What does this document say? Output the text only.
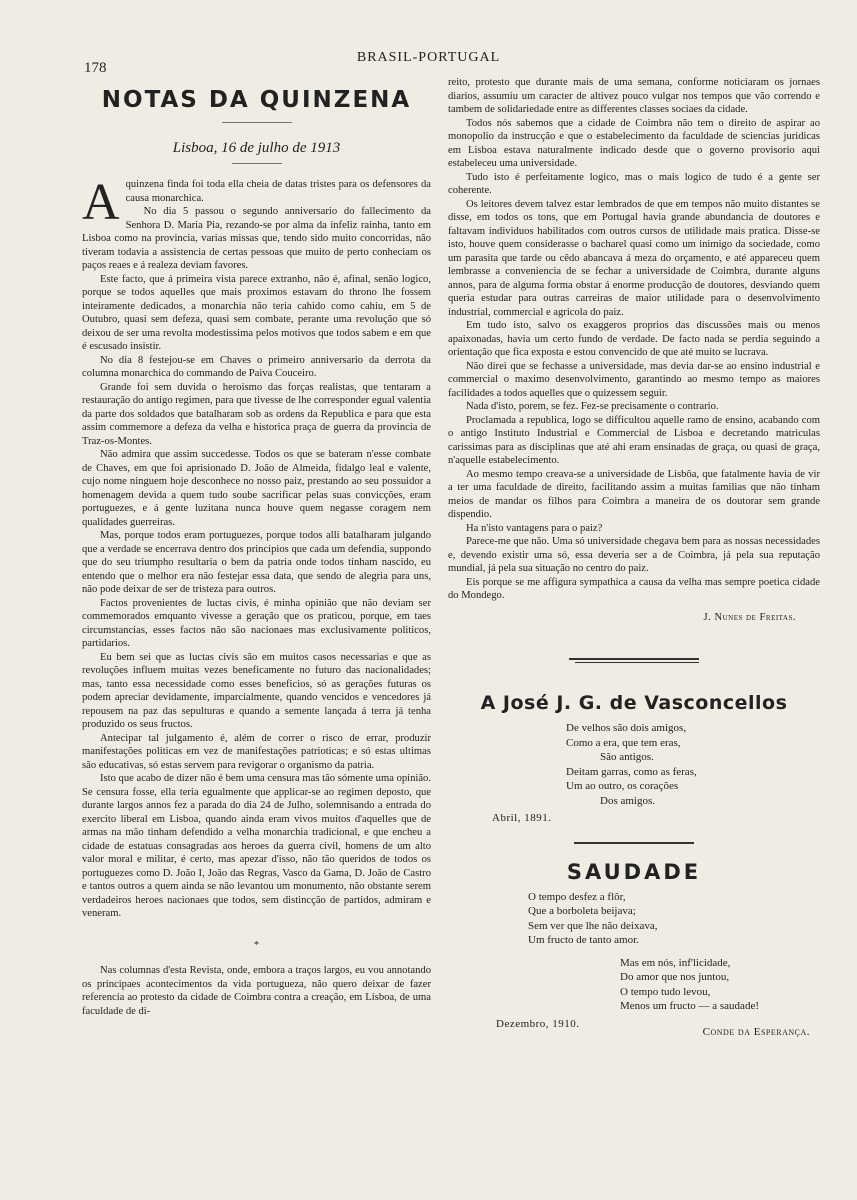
178
BRASIL-PORTUGAL
NOTAS DA QUINZENA
Lisboa, 16 de julho de 1913

Aquinzena finda foi toda ella cheia de datas tristes para os defensores da causa monarchica.

No dia 5 passou o segundo anniversario do fallecimento da Senhora D. Maria Pia, rezando-se por alma da infeliz rainha, tanto em Lisboa como na provincia, varias missas que, tendo sido muito concorridas, não tiveram todavia a assistencia de certas pessoas que muito de perto conheciam os paços reaes e á realeza deviam favores.

Este facto, que á primeira vista parece extranho, não é, afinal, senão logico, porque se todos aquelles que mais proximos estavam do throno lhe fossem inteiramente dedicados, a monarchia não teria cahido como cahiu, em 5 de Outubro, quasi sem defeza, quasi sem combate, perante uma revolução que só deixou de ser uma revolta modestissima pelos motivos que todos sabem e em que é escusado insistir.

No dia 8 festejou-se em Chaves o primeiro anniversario da derrota da columna monarchica do commando de Paiva Couceiro.

Grande foi sem duvida o heroismo das forças realistas, que tentaram a restauração do antigo regimen, para que tivesse de lhe corresponder egual valentia da parte dos soldados que batalharam sob as ordens da Republica e para que esta assim commemore a defeza da velha e historica praça de guerra da provincia de Traz-os-Montes.

Não admira que assim succedesse. Todos os que se bateram n'esse combate de Chaves, em que foi aprisionado D. João de Almeida, fidalgo leal e valente, cujo nome ninguem hoje desconhece no nosso paiz, prestando ao seu possuidor a homenagem devida a quem tudo soube sacrificar pelas suas convicções, eram portuguezes, e á gente luzitana nunca houve quem negasse coragem nem qualidades guerreiras.

Mas, porque todos eram portuguezes, porque todos alli batalharam julgando que a verdade se encerrava dentro dos principios que cada um defendia, suppondo que do seu triumpho resultaria o bem da patria onde todos tinham nascido, eu entendo que o melhor era não festejar essa data, que sendo de alegria para uns, não pode deixar de ser de tristeza para outros.

Factos provenientes de luctas civis, é minha opinião que não deviam ser commemorados emquanto vivesse a geração que os praticou, porque, em taes circumstancias, esses factos não são nacionaes mas exclusivamente politicos, partidarios.

Eu bem sei que as luctas civis são em muitos casos necessarias e que as revoluções influem muitas vezes beneficamente no futuro das nacionalidades; mas, tanto essa necessidade como esses beneficios, só as gerações futuras os podem apreciar devidamente, imparcialmente, quando vencidos e vencedores já repousem na paz das sepulturas e quando a semente lançada á terra já tenha produzido os seus fructos.

Antecipar tal julgamento é, além de correr o risco de errar, produzir manifestações politicas em vez de manifestações patrioticas; e só estas ultimas são educativas, só estas servem para revigorar o organismo da patria.

Isto que acabo de dizer não é bem uma censura mas tão sómente uma opinião. Se censura fosse, ella teria egualmente que applicar-se ao regimen deposto, que durante largos annos fez a parada do dia 24 de Julho, solemnisando a entrada do exercito liberal em Lisboa, quando ainda eram vivos muitos d'aquelles que de armas na mão tinham defendido a velha monarchia tradicional, e que encheu a cidade de estatuas consagradas aos heroes da guerra civil, homens de um alto valor moral e militar, é certo, mas apezar d'isso, não tão queridos de todos os portuguezes como D. João I, João das Regras, Vasco da Gama, D. João de Castro e tantos outros a quem ainda se não levantou um monumento, não obstante serem verdadeiros heroes nacionaes que todos, sem distincção de partidos, admiram e veneram.

*

Nas columnas d'esta Revista, onde, embora a traços largos, eu vou annotando os principaes acontecimentos da vida portugueza, não quero deixar de fazer referencia ao protesto da cidade de Coimbra contra a creação, em Lisboa, de uma faculdade de di-

reito, protesto que durante mais de uma semana, conforme noticiaram os jornaes diarios, assumiu um caracter de altivez pouco vulgar nos tempos que vão correndo e tambem de solidariedade entre as differentes classes sociaes da cidade.

Todos nós sabemos que a cidade de Coimbra não tem o direito de aspirar ao monopolio da instrucção e que o estabelecimento da faculdade de sciencias juridicas em Lisboa estava naturalmente indicado desde que o governo provisorio aqui estabeleceu uma universidade.

Tudo isto é perfeitamente logico, mas o mais logico de tudo é a gente ser coherente.

Os leitores devem talvez estar lembrados de que em tempos não muito distantes se disse, em todos os tons, que em Portugal havia grande abundancia de doutores e faltavam individuos habilitados com outros cursos de utilidade mais pratica. Disse-se isto, houve quem considerasse o bacharel quasi como um inimigo da sociedade, como um parasita que tarde ou cêdo abancava á meza do orçamento, e até appareceu quem lembrasse a conveniencia de se fechar a universidade de Coimbra, durante alguns annos, para de alguma forma obstar á enorme producção de doutores, desviando quem queria estudar para outras carreiras de maior utilidade para o desenvolvimento industrial, commercial e agricola do paiz.

Em tudo isto, salvo os exaggeros proprios das discussões mais ou menos apaixonadas, havia um certo fundo de verdade. De facto nada se perdia seguindo a orientação que fica exposta e estou convencido de que até muito se lucrava.

Não direi que se fechasse a universidade, mas devia dar-se ao ensino industrial e commercial o maximo desenvolvimento, garantindo ao mesmo tempo as maiores facilidades a todos aquelles que o quizessem seguir.

Nada d'isto, porem, se fez. Fez-se precisamente o contrario.

Proclamada a republica, logo se difficultou aquelle ramo de ensino, acabando com o antigo Instituto Industrial e Commercial de Lisboa e decretando matriculas carissimas para as disciplinas que até ahi eram ensinadas de graça, ou quasi de graça, n'aquelle estabelecimento.

Ao mesmo tempo creava-se a universidade de Lisbôa, que fatalmente havia de vir a ter uma faculdade de direito, facilitando assim a muitas familias que não tinham meios de mandar os filhos para Coimbra a maneira de os doutorar sem grande dispendio.

Ha n'isto vantagens para o paiz?

Parece-me que não. Uma só universidade chegava bem para as nossas necessidades e, devendo existir uma só, essa deveria ser a de Coimbra, já pela sua reputação mundial, já pela sua situação no centro do paiz.

Eis porque se me affigura sympathica a causa da velha mas sempre poetica cidade do Mondego.

J. Nunes de Freitas.
A José J. G. de Vasconcellos
De velhos são dois amigos,
Como a era, que tem eras,
São antigos.
Deitam garras, como as feras,
Um ao outro, os corações
Dos amigos.
Abril, 1891.
SAUDADE
O tempo desfez a flôr,
Que a borboleta beijava;
Sem ver que lhe não deixava,
Um fructo de tanto amor.
Mas em nós, inf'licidade,
Do amor que nos juntou,
O tempo tudo levou,
Menos um fructo — a saudade!
Dezembro, 1910.
Conde da Esperança.
